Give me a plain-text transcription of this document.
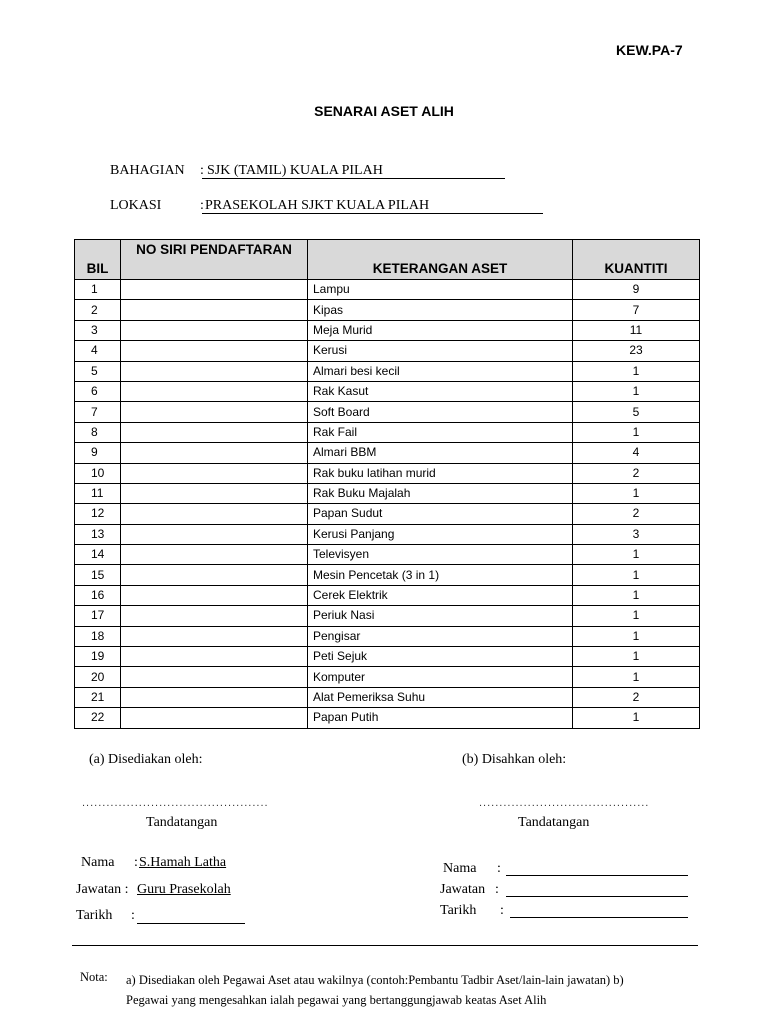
KEW.PA-7
SENARAI ASET ALIH
BAHAGIAN : SJK (TAMIL) KUALA PILAH
LOKASI	: PRASEKOLAH SJKT KUALA PILAH
BIL	NO SIRI PENDAFTARAN	KETERANGAN ASET	KUANTITI
1		Lampu	9
2		Kipas	7
3		Meja Murid	11
4		Kerusi	23
5		Almari besi kecil	1
6		Rak Kasut	1
7		Soft Board	5
8		Rak Fail	1
9		Almari BBM	4
10		Rak buku latihan murid	2
11		Rak Buku Majalah	1
12		Papan Sudut	2
13		Kerusi Panjang	3
14		Televisyen	1
15		Mesin Pencetak (3 in 1)	1
16		Cerek Elektrik	1
17		Periuk Nasi	1
18		Pengisar	1
19		Peti Sejuk	1
20		Komputer	1
21		Alat Pemeriksa Suhu	2
22		Papan Putih	1
(a) Disediakan oleh:
..............................................
Tandatangan
Nama : S.Hamah Latha
Jawatan : Guru Prasekolah
Tarikh :
(b) Disahkan oleh:
..........................................
Tandatangan
Nama :
Jawatan :
Tarikh :
Nota: a) Disediakan oleh Pegawai Aset atau wakilnya (contoh:Pembantu Tadbir Aset/lain-lain jawatan) b) Pegawai yang mengesahkan ialah pegawai yang bertanggungjawab keatas Aset Alih
